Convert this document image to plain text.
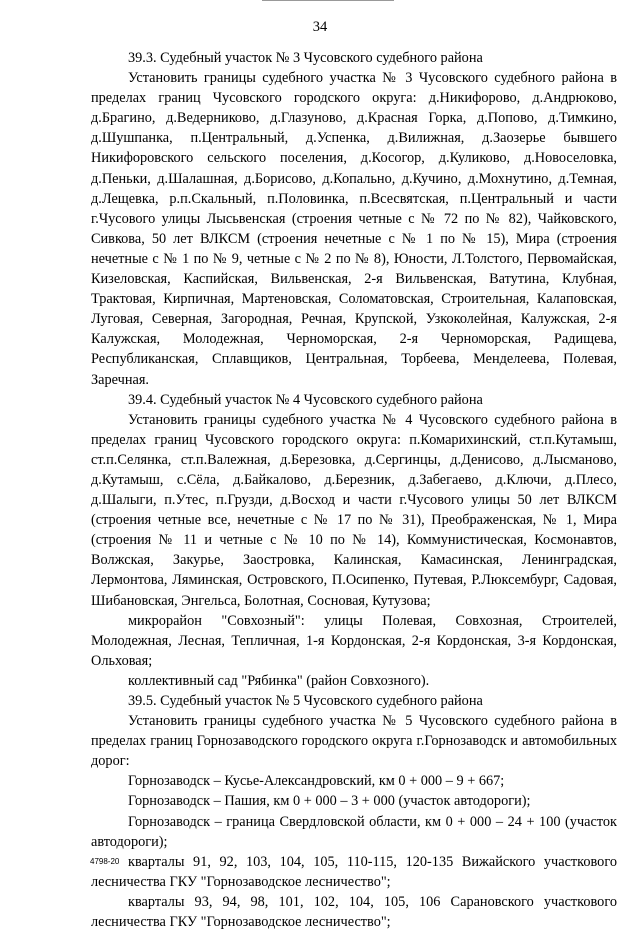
34

39.3. Судебный участок № 3 Чусовского судебного района

Установить границы судебного участка № 3 Чусовского судебного района в пределах границ Чусовского городского округа: д.Никифорово, д.Андрюково, д.Брагино, д.Ведерниково, д.Глазуново, д.Красная Горка, д.Попово, д.Тимкино, д.Шушпанка, п.Центральный, д.Успенка, д.Вилижная, д.Заозерье бывшего Никифоровского сельского поселения, д.Косогор, д.Куликово, д.Новоселовка, д.Пеньки, д.Шалашная, д.Борисово, д.Копально, д.Кучино, д.Мохнутино, д.Темная, д.Лещевка, р.п.Скальный, п.Половинка, п.Всесвятская, п.Центральный и части г.Чусового улицы Лысьвенская (строения четные с № 72 по № 82), Чайковского, Сивкова, 50 лет ВЛКСМ (строения нечетные с № 1 по № 15), Мира (строения нечетные с № 1 по № 9, четные с № 2 по № 8), Юности, Л.Толстого, Первомайская, Кизеловская, Каспийская, Вильвенская, 2-я Вильвенская, Ватутина, Клубная, Трактовая, Кирпичная, Мартеновская, Соломатовская, Строительная, Калаповская, Луговая, Северная, Загородная, Речная, Крупской, Узкоколейная, Калужская, 2-я Калужская, Молодежная, Черноморская, 2-я Черноморская, Радищева, Республиканская, Сплавщиков, Центральная, Торбеева, Менделеева, Полевая, Заречная.

39.4. Судебный участок № 4 Чусовского судебного района

Установить границы судебного участка № 4 Чусовского судебного района в пределах границ Чусовского городского округа: п.Комарихинский, ст.п.Кутамыш, ст.п.Селянка, ст.п.Валежная, д.Березовка, д.Сергинцы, д.Денисово, д.Лысманово, д.Кутамыш, с.Сёла, д.Байкалово, д.Березник, д.Забегаево, д.Ключи, д.Плесо, д.Шалыги, п.Утес, п.Грузди, д.Восход и части г.Чусового улицы 50 лет ВЛКСМ (строения четные все, нечетные с № 17 по № 31), Преображенская, № 1, Мира (строения № 11 и четные с № 10 по № 14), Коммунистическая, Космонавтов, Волжская, Закурье, Заостровка, Калинская, Камасинская, Ленинградская, Лермонтова, Ляминская, Островского, П.Осипенко, Путевая, Р.Люксембург, Садовая, Шибановская, Энгельса, Болотная, Сосновая, Кутузова;

микрорайон "Совхозный": улицы Полевая, Совхозная, Строителей, Молодежная, Лесная, Тепличная, 1-я Кордонская, 2-я Кордонская, 3-я Кордонская, Ольховая;

коллективный сад "Рябинка" (район Совхозного).

39.5. Судебный участок № 5 Чусовского судебного района

Установить границы судебного участка № 5 Чусовского судебного района в пределах границ Горнозаводского городского округа г.Горнозаводск и автомобильных дорог:

Горнозаводск – Кусье-Александровский, км 0 + 000 – 9 + 667;

Горнозаводск – Пашия, км 0 + 000 – 3 + 000 (участок автодороги);

Горнозаводск – граница Свердловской области, км 0 + 000 – 24 + 100 (участок автодороги);

кварталы 91, 92, 103, 104, 105, 110-115, 120-135 Вижайского участкового лесничества ГКУ "Горнозаводское лесничество";

кварталы 93, 94, 98, 101, 102, 104, 105, 106 Сарановского участкового лесничества ГКУ "Горнозаводское лесничество";

4798-20
